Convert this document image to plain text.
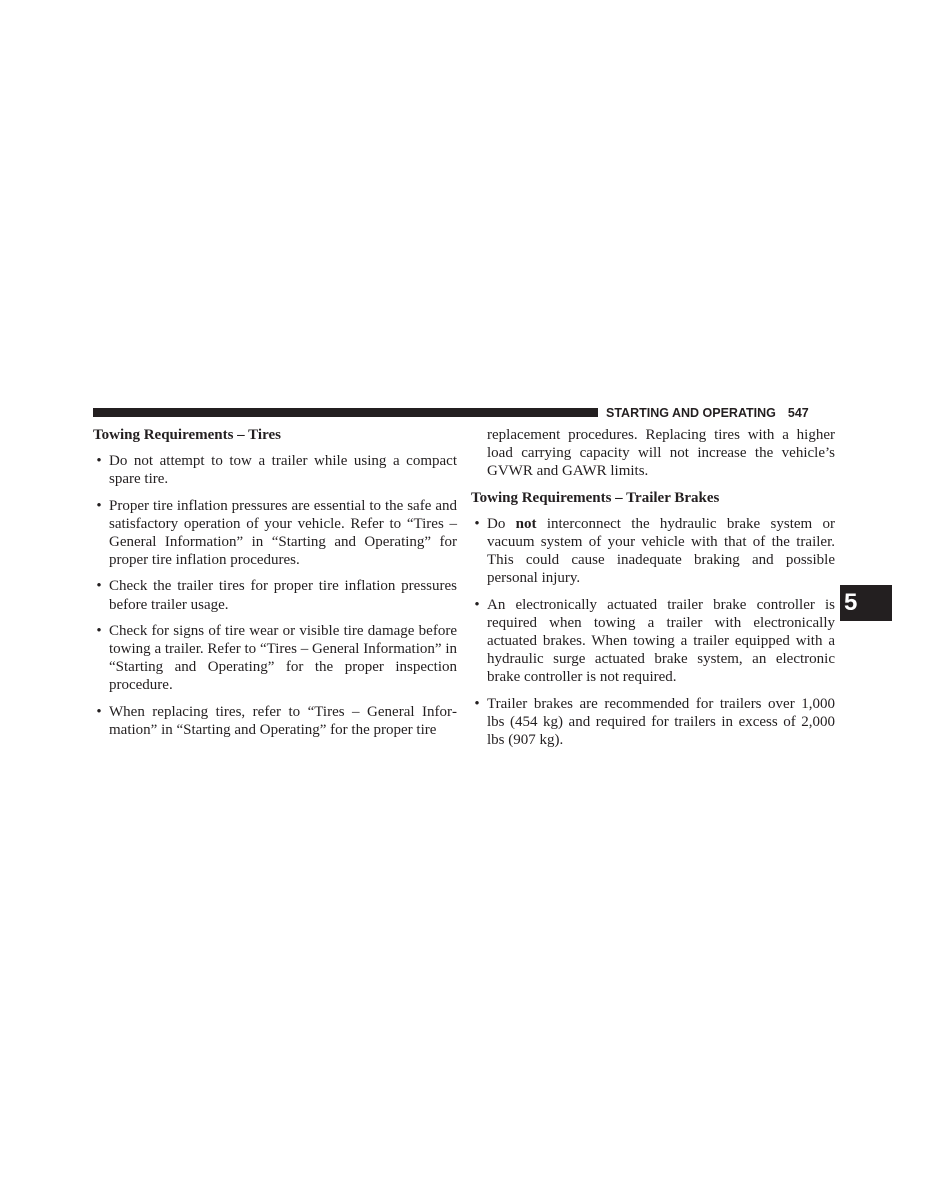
STARTING AND OPERATING 547
5
Towing Requirements – Tires
• Do not attempt to tow a trailer while using a compact spare tire.
• Proper tire inflation pressures are essential to the safe and satisfactory operation of your vehicle. Refer to “Tires – General Information” in “Starting and Operating” for proper tire inflation procedures.
• Check the trailer tires for proper tire inflation pressures before trailer usage.
• Check for signs of tire wear or visible tire damage before towing a trailer. Refer to “Tires – General Information” in “Starting and Operating” for the proper inspection procedure.
• When replacing tires, refer to “Tires – General Information” in “Starting and Operating” for the proper tire

replacement procedures. Replacing tires with a higher load carrying capacity will not increase the vehicle’s GVWR and GAWR limits.

Towing Requirements – Trailer Brakes
• Do not interconnect the hydraulic brake system or vacuum system of your vehicle with that of the trailer. This could cause inadequate braking and possible personal injury.
• An electronically actuated trailer brake controller is required when towing a trailer with electronically actuated brakes. When towing a trailer equipped with a hydraulic surge actuated brake system, an electronic brake controller is not required.
• Trailer brakes are recommended for trailers over 1,000 lbs (454 kg) and required for trailers in excess of 2,000 lbs (907 kg).
